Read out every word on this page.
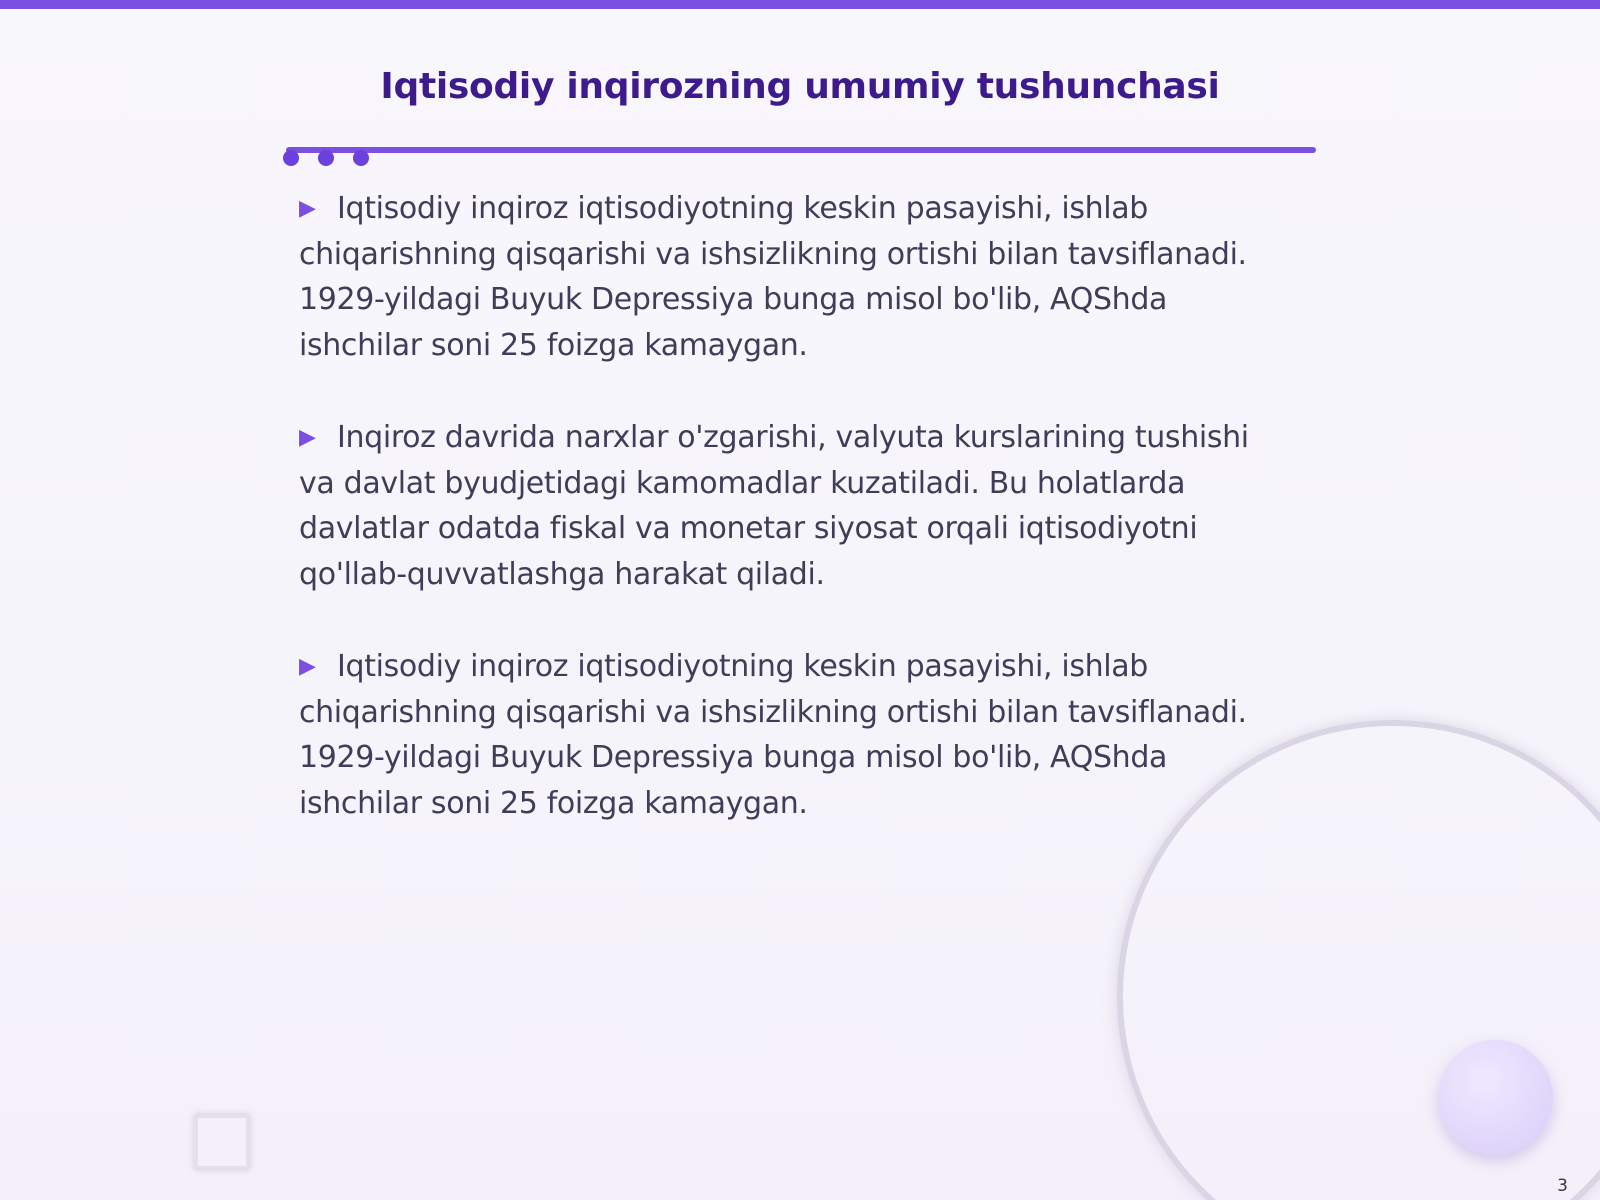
Iqtisodiy inqirozning umumiy tushunchasi

▶ Iqtisodiy inqiroz iqtisodiyotning keskin pasayishi, ishlab chiqarishning qisqarishi va ishsizlikning ortishi bilan tavsiflanadi. 1929-yildagi Buyuk Depressiya bunga misol bo'lib, AQShda ishchilar soni 25 foizga kamaygan.

▶ Inqiroz davrida narxlar o'zgarishi, valyuta kurslarining tushishi va davlat byudjetidagi kamomadlar kuzatiladi. Bu holatlarda davlatlar odatda fiskal va monetar siyosat orqali iqtisodiyotni qo'llab-quvvatlashga harakat qiladi.

▶ Iqtisodiy inqiroz iqtisodiyotning keskin pasayishi, ishlab chiqarishning qisqarishi va ishsizlikning ortishi bilan tavsiflanadi. 1929-yildagi Buyuk Depressiya bunga misol bo'lib, AQShda ishchilar soni 25 foizga kamaygan.

3
